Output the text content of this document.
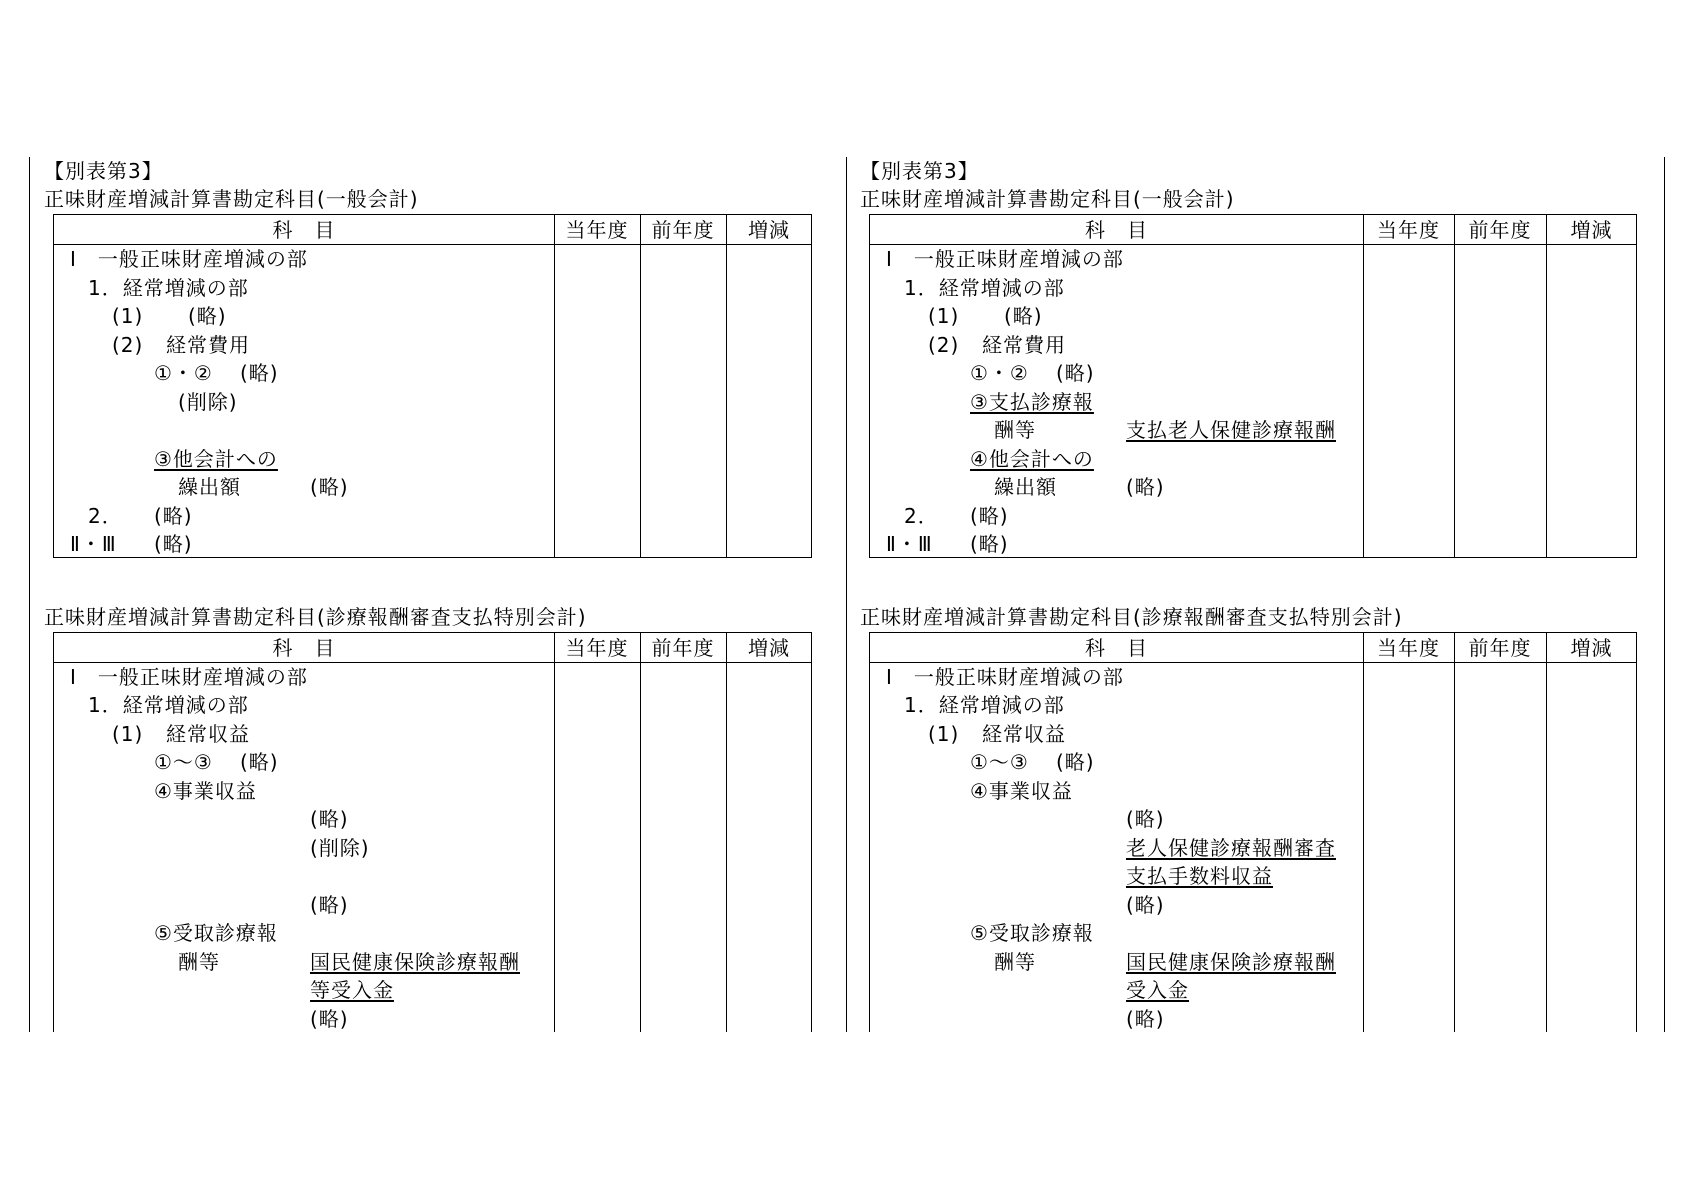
【別表第3】
正味財産増減計算書勘定科目(一般会計)
科　目	当年度	前年度	増減
Ⅰ　一般正味財産増減の部
1．経常増減の部
(1) (略)
(2) 経常費用
①・② (略)
(削除)
③他会計への
繰出額	(略)
2． (略)
Ⅱ・Ⅲ (略)
正味財産増減計算書勘定科目(診療報酬審査支払特別会計)
科　目	当年度	前年度	増減
Ⅰ　一般正味財産増減の部
1．経常増減の部
(1) 経常収益
①～③ (略)
④事業収益
(略)
(削除)
(略)
⑤受取診療報
酬等	国民健康保険診療報酬
等受入金
(略)
【別表第3】
正味財産増減計算書勘定科目(一般会計)
科　目	当年度	前年度	増減
Ⅰ　一般正味財産増減の部
1．経常増減の部
(1) (略)
(2) 経常費用
①・② (略)
③支払診療報
酬等	支払老人保健診療報酬
④他会計への
繰出額	(略)
2． (略)
Ⅱ・Ⅲ (略)
正味財産増減計算書勘定科目(診療報酬審査支払特別会計)
科　目	当年度	前年度	増減
Ⅰ　一般正味財産増減の部
1．経常増減の部
(1) 経常収益
①～③ (略)
④事業収益
(略)
老人保健診療報酬審査
支払手数料収益
(略)
⑤受取診療報
酬等	国民健康保険診療報酬
受入金
(略)
